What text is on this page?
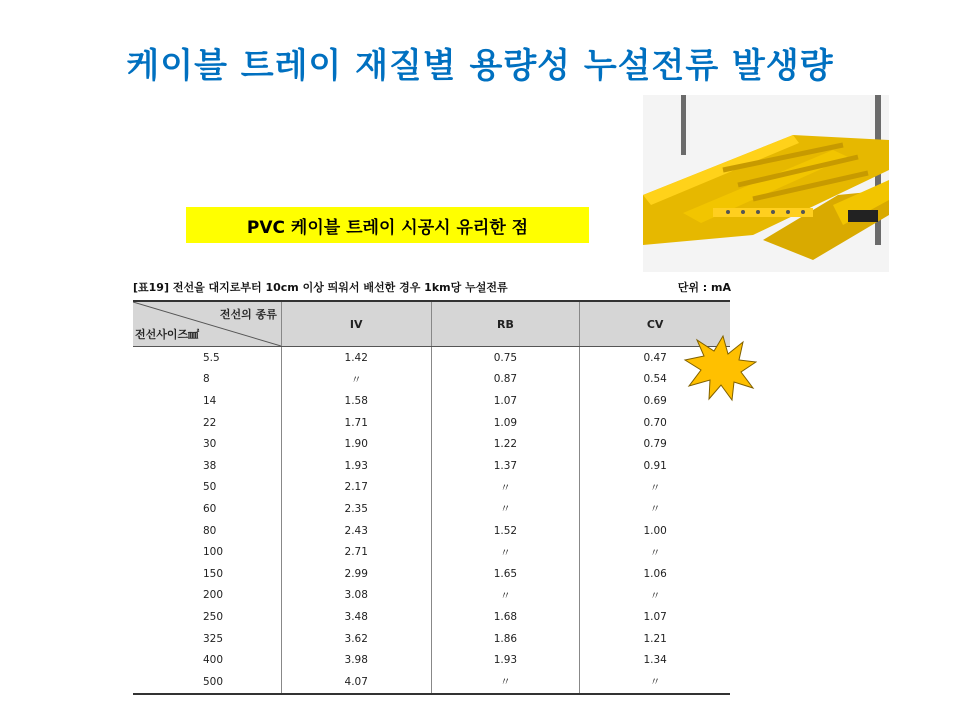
케이블 트레이 재질별 용량성 누설전류 발생량
PVC 케이블 트레이 시공시 유리한 점
[표19] 전선을 대지로부터 10cm 이상 띄워서 배선한 경우 1km당 누설전류	단위 : mA
전선의 종류
전선사이즈㎟	IV	RB	CV
5.5	1.42	0.75	0.47
8	〃	0.87	0.54
14	1.58	1.07	0.69
22	1.71	1.09	0.70
30	1.90	1.22	0.79
38	1.93	1.37	0.91
50	2.17	〃	〃
60	2.35	〃	〃
80	2.43	1.52	1.00
100	2.71	〃	〃
150	2.99	1.65	1.06
200	3.08	〃	〃
250	3.48	1.68	1.07
325	3.62	1.86	1.21
400	3.98	1.93	1.34
500	4.07	〃	〃
